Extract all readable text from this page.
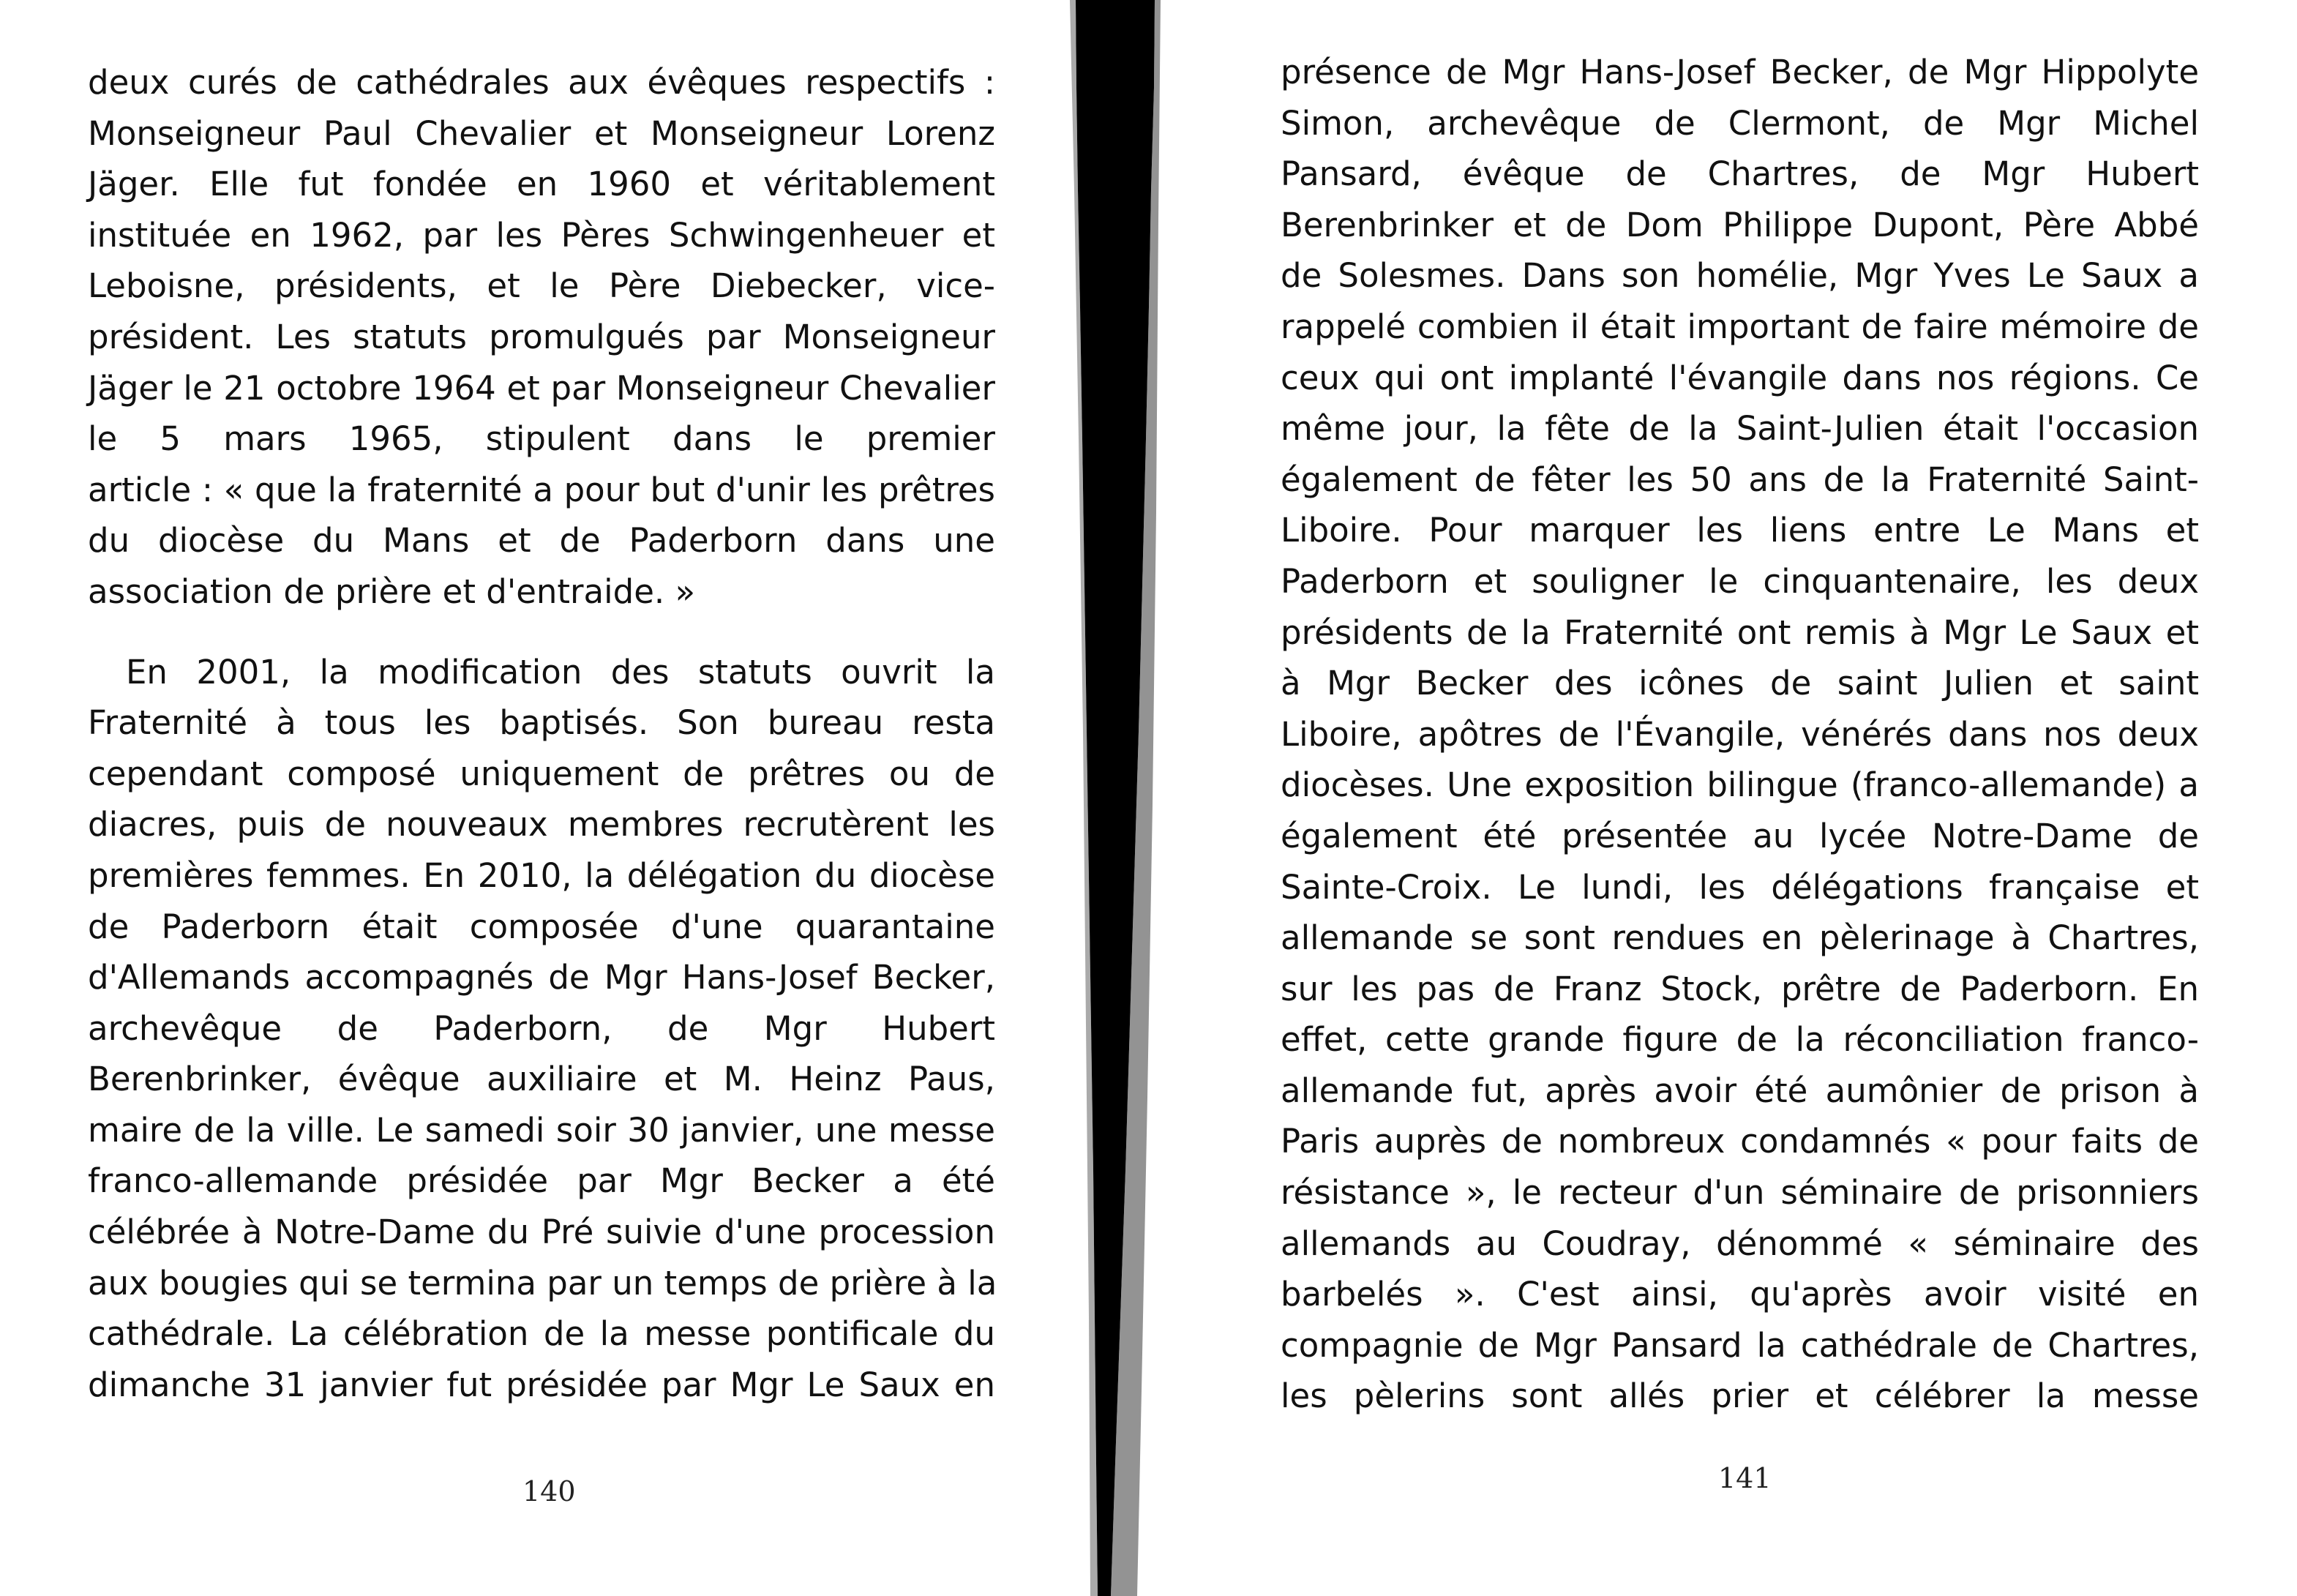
deux curés de cathédrales aux évêques respectifs :
Monseigneur Paul Chevalier et Monseigneur Lorenz
Jäger. Elle fut fondée en 1960 et véritablement
instituée en 1962, par les Pères Schwingenheuer et
Leboisne, présidents, et le Père Diebecker, vice-
président. Les statuts promulgués par Monseigneur
Jäger le 21 octobre 1964 et par Monseigneur Chevalier
le 5 mars 1965, stipulent dans le premier
article : « que la fraternité a pour but d'unir les prêtres
du diocèse du Mans et de Paderborn dans une
association de prière et d'entraide. »
En 2001, la modification des statuts ouvrit la
Fraternité à tous les baptisés. Son bureau resta
cependant composé uniquement de prêtres ou de
diacres, puis de nouveaux membres recrutèrent les
premières femmes. En 2010, la délégation du diocèse
de Paderborn était composée d'une quarantaine
d'Allemands accompagnés de Mgr Hans-Josef Becker,
archevêque de Paderborn, de Mgr Hubert
Berenbrinker, évêque auxiliaire et M. Heinz Paus,
maire de la ville. Le samedi soir 30 janvier, une messe
franco-allemande présidée par Mgr Becker a été
célébrée à Notre-Dame du Pré suivie d'une procession
aux bougies qui se termina par un temps de prière à la
cathédrale. La célébration de la messe pontificale du
dimanche 31 janvier fut présidée par Mgr Le Saux en
140
présence de Mgr Hans-Josef Becker, de Mgr Hippolyte
Simon, archevêque de Clermont, de Mgr Michel
Pansard, évêque de Chartres, de Mgr Hubert
Berenbrinker et de Dom Philippe Dupont, Père Abbé
de Solesmes. Dans son homélie, Mgr Yves Le Saux a
rappelé combien il était important de faire mémoire de
ceux qui ont implanté l'évangile dans nos régions. Ce
même jour, la fête de la Saint-Julien était l'occasion
également de fêter les 50 ans de la Fraternité Saint-
Liboire. Pour marquer les liens entre Le Mans et
Paderborn et souligner le cinquantenaire, les deux
présidents de la Fraternité ont remis à Mgr Le Saux et
à Mgr Becker des icônes de saint Julien et saint
Liboire, apôtres de l'Évangile, vénérés dans nos deux
diocèses. Une exposition bilingue (franco-allemande) a
également été présentée au lycée Notre-Dame de
Sainte-Croix. Le lundi, les délégations française et
allemande se sont rendues en pèlerinage à Chartres,
sur les pas de Franz Stock, prêtre de Paderborn. En
effet, cette grande figure de la réconciliation franco-
allemande fut, après avoir été aumônier de prison à
Paris auprès de nombreux condamnés « pour faits de
résistance », le recteur d'un séminaire de prisonniers
allemands au Coudray, dénommé « séminaire des
barbelés ». C'est ainsi, qu'après avoir visité en
compagnie de Mgr Pansard la cathédrale de Chartres,
les pèlerins sont allés prier et célébrer la messe
141
